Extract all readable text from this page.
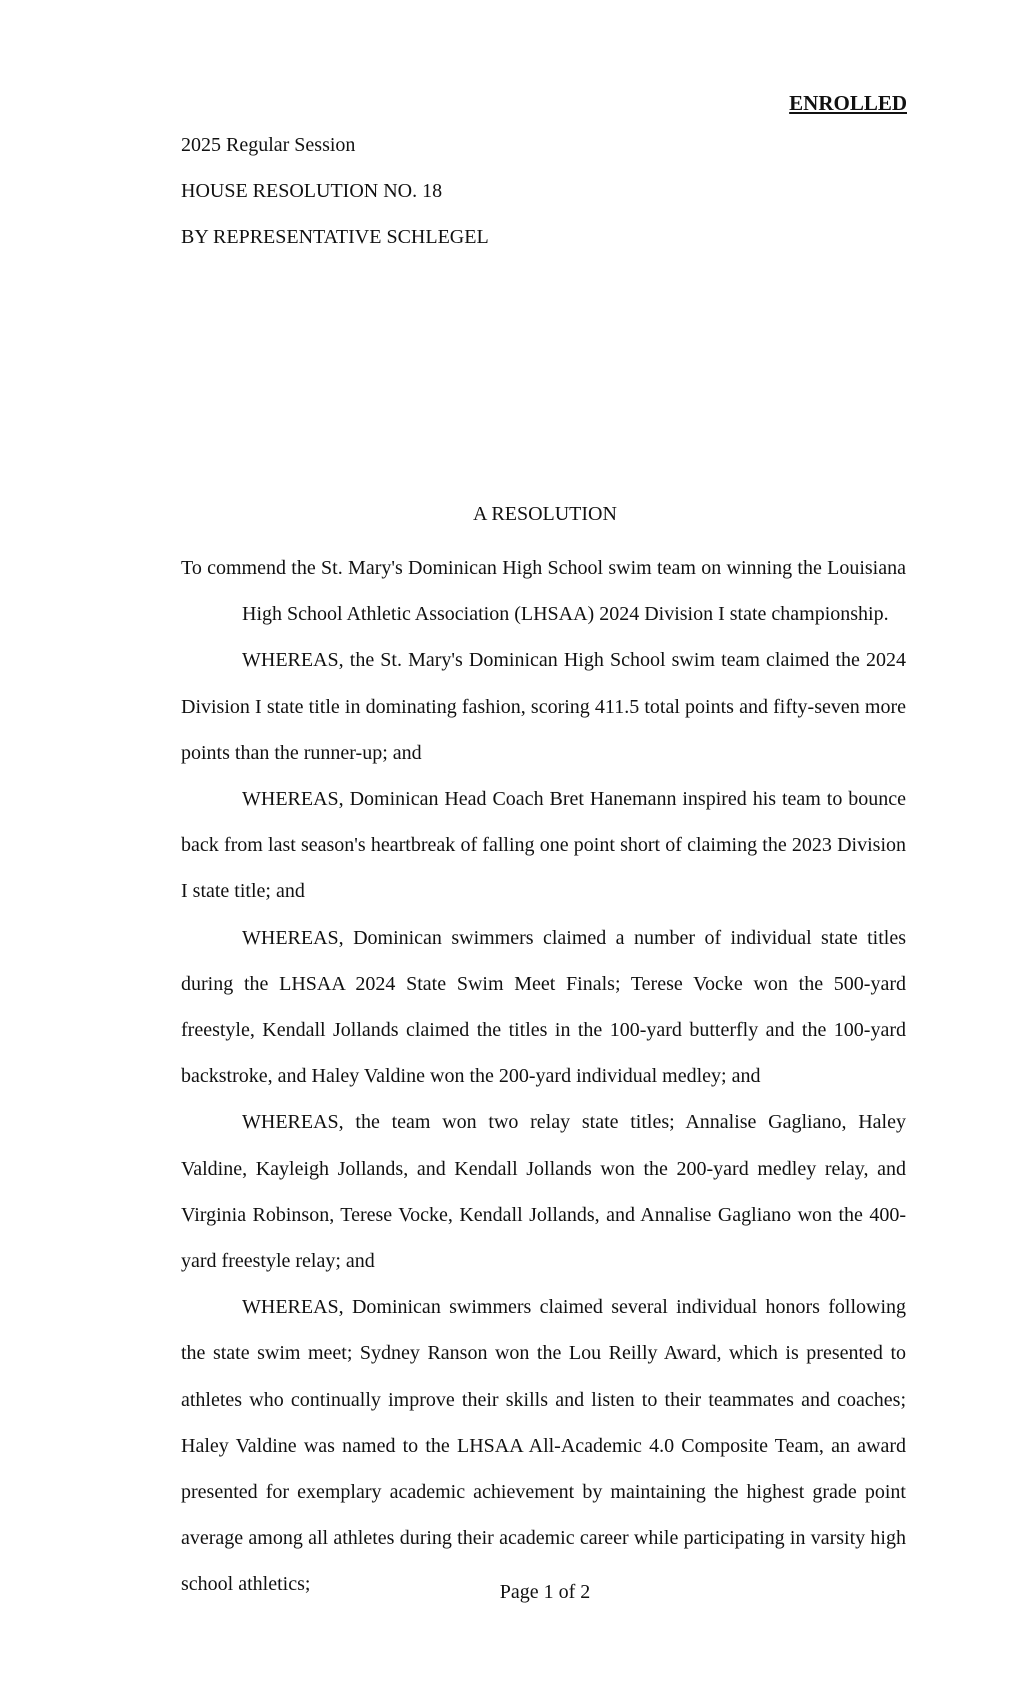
ENROLLED
2025 Regular Session
HOUSE RESOLUTION NO. 18
BY REPRESENTATIVE SCHLEGEL
A RESOLUTION

To commend the St. Mary's Dominican High School swim team on winning the Louisiana High School Athletic Association (LHSAA) 2024 Division I state championship.

WHEREAS, the St. Mary's Dominican High School swim team claimed the 2024 Division I state title in dominating fashion, scoring 411.5 total points and fifty-seven more points than the runner-up; and

WHEREAS, Dominican Head Coach Bret Hanemann inspired his team to bounce back from last season's heartbreak of falling one point short of claiming the 2023 Division I state title; and

WHEREAS, Dominican swimmers claimed a number of individual state titles during the LHSAA 2024 State Swim Meet Finals; Terese Vocke won the 500-yard freestyle, Kendall Jollands claimed the titles in the 100-yard butterfly and the 100-yard backstroke, and Haley Valdine won the 200-yard individual medley; and

WHEREAS, the team won two relay state titles; Annalise Gagliano, Haley Valdine, Kayleigh Jollands, and Kendall Jollands won the 200-yard medley relay, and Virginia Robinson, Terese Vocke, Kendall Jollands, and Annalise Gagliano won the 400-yard freestyle relay; and

WHEREAS, Dominican swimmers claimed several individual honors following the state swim meet; Sydney Ranson won the Lou Reilly Award, which is presented to athletes who continually improve their skills and listen to their teammates and coaches; Haley Valdine was named to the LHSAA All-Academic 4.0 Composite Team, an award presented for exemplary academic achievement by maintaining the highest grade point average among all athletes during their academic career while participating in varsity high school athletics;	Page 1 of 2
